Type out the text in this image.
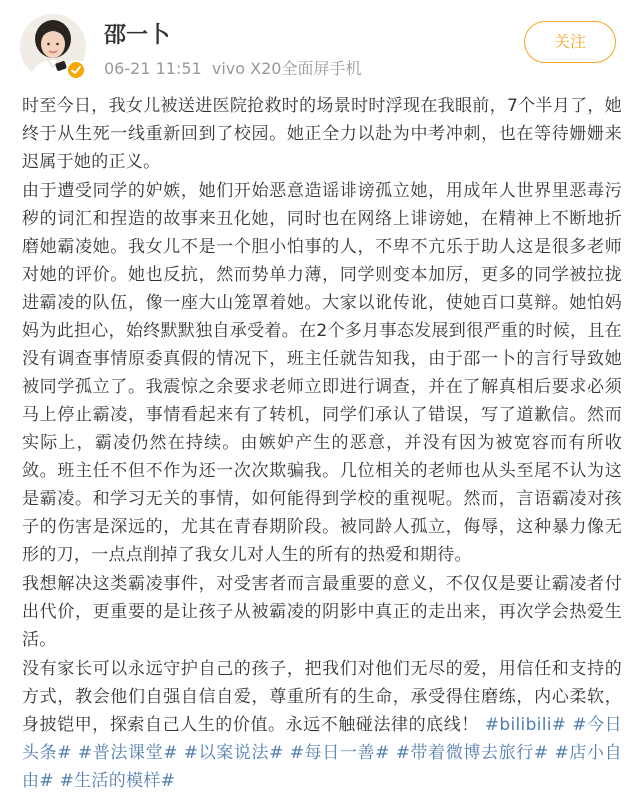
邵一卜
06-21 11:51 vivo X20全面屏手机
关注

时至今日，我女儿被送进医院抢救时的场景时时浮现在我眼前，7个半月了，她终于从生死一线重新回到了校园。她正全力以赴为中考冲刺，也在等待姗姗来迟属于她的正义。

由于遭受同学的妒嫉，她们开始恶意造谣诽谤孤立她，用成年人世界里恶毒污秽的词汇和捏造的故事来丑化她，同时也在网络上诽谤她，在精神上不断地折磨她霸凌她。我女儿不是一个胆小怕事的人，不卑不亢乐于助人这是很多老师对她的评价。她也反抗，然而势单力薄，同学则变本加厉，更多的同学被拉拢进霸凌的队伍，像一座大山笼罩着她。大家以讹传讹，使她百口莫辩。她怕妈妈为此担心，始终默默独自承受着。在2个多月事态发展到很严重的时候，且在没有调查事情原委真假的情况下，班主任就告知我，由于邵一卜的言行导致她被同学孤立了。我震惊之余要求老师立即进行调查，并在了解真相后要求必须马上停止霸凌，事情看起来有了转机，同学们承认了错误，写了道歉信。然而实际上，霸凌仍然在持续。由嫉妒产生的恶意，并没有因为被宽容而有所收敛。班主任不但不作为还一次次欺骗我。几位相关的老师也从头至尾不认为这是霸凌。和学习无关的事情，如何能得到学校的重视呢。然而，言语霸凌对孩子的伤害是深远的，尤其在青春期阶段。被同龄人孤立，侮辱，这种暴力像无形的刀，一点点削掉了我女儿对人生的所有的热爱和期待。

我想解决这类霸凌事件，对受害者而言最重要的意义，不仅仅是要让霸凌者付出代价，更重要的是让孩子从被霸凌的阴影中真正的走出来，再次学会热爱生活。

没有家长可以永远守护自己的孩子，把我们对他们无尽的爱，用信任和支持的方式，教会他们自强自信自爱，尊重所有的生命，承受得住磨练，内心柔软，身披铠甲，探索自己人生的价值。永远不触碰法律的底线！ #bilibili# #今日头条# #普法课堂# #以案说法# #每日一善# #带着微博去旅行# #店小自由# #生活的模样#
